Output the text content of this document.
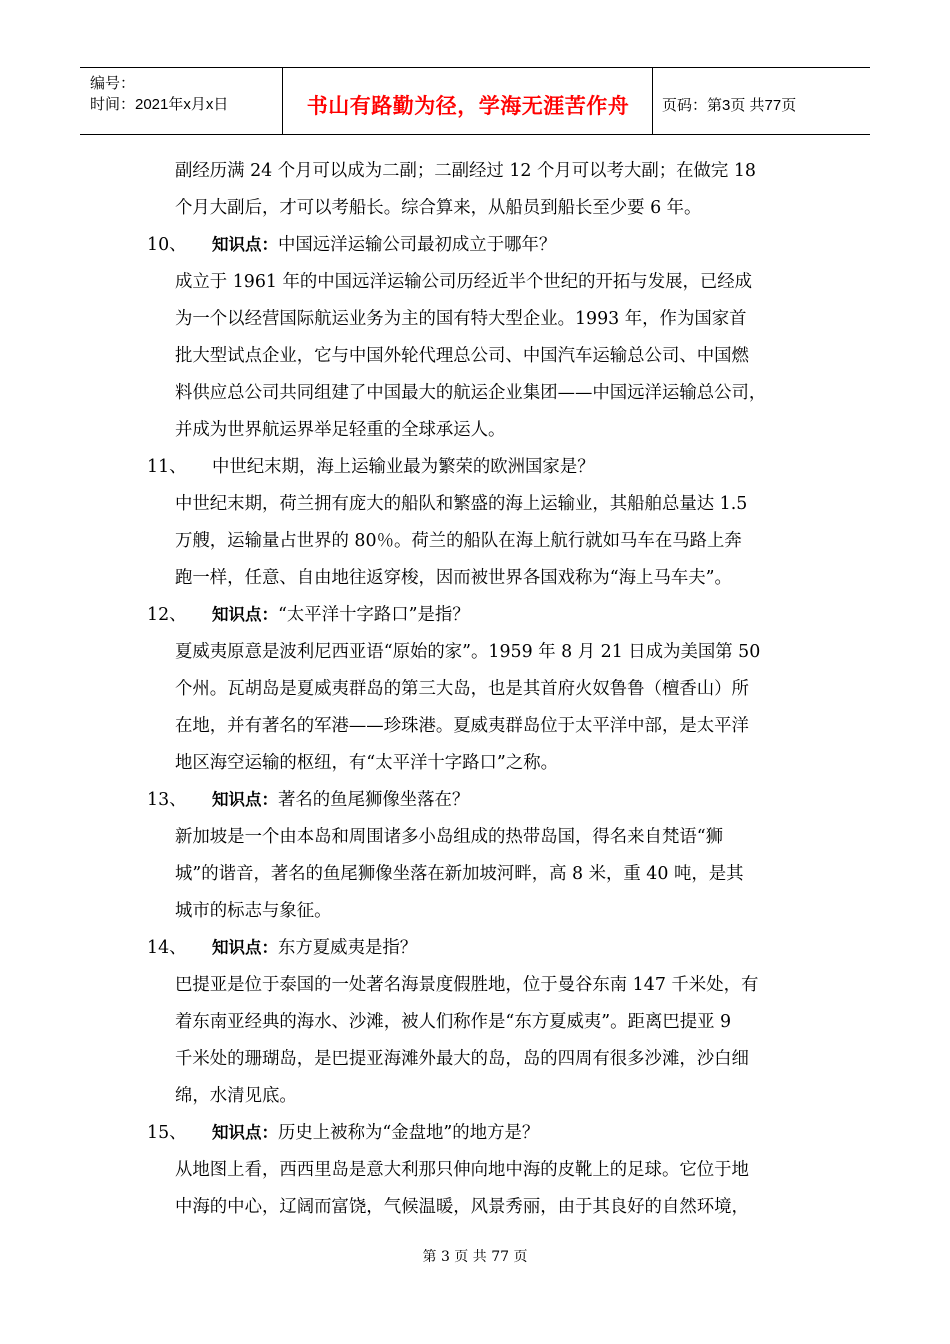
编号：
时间：2021年x月x日	书山有路勤为径，学海无涯苦作舟	页码：第3页 共77页
副经历满 24 个月可以成为二副；二副经过 12 个月可以考大副；在做完 18
个月大副后，才可以考船长。综合算来，从船员到船长至少要 6 年。
10、 知识点：中国远洋运输公司最初成立于哪年？
成立于 1961 年的中国远洋运输公司历经近半个世纪的开拓与发展，已经成
为一个以经营国际航运业务为主的国有特大型企业。1993 年，作为国家首
批大型试点企业，它与中国外轮代理总公司、中国汽车运输总公司、中国燃
料供应总公司共同组建了中国最大的航运企业集团——中国远洋运输总公司，
并成为世界航运界举足轻重的全球承运人。
11、 中世纪末期，海上运输业最为繁荣的欧洲国家是？
中世纪末期，荷兰拥有庞大的船队和繁盛的海上运输业，其船舶总量达 1.5
万艘，运输量占世界的 80％。荷兰的船队在海上航行就如马车在马路上奔
跑一样，任意、自由地往返穿梭，因而被世界各国戏称为“海上马车夫”。
12、 知识点：“太平洋十字路口”是指？
夏威夷原意是波利尼西亚语“原始的家”。1959 年 8 月 21 日成为美国第 50
个州。瓦胡岛是夏威夷群岛的第三大岛，也是其首府火奴鲁鲁（檀香山）所
在地，并有著名的军港——珍珠港。夏威夷群岛位于太平洋中部，是太平洋
地区海空运输的枢纽，有“太平洋十字路口”之称。
13、 知识点：著名的鱼尾狮像坐落在？
新加坡是一个由本岛和周围诸多小岛组成的热带岛国，得名来自梵语“狮
城”的谐音，著名的鱼尾狮像坐落在新加坡河畔，高 8 米，重 40 吨，是其
城市的标志与象征。
14、 知识点：东方夏威夷是指？
巴提亚是位于泰国的一处著名海景度假胜地，位于曼谷东南 147 千米处，有
着东南亚经典的海水、沙滩，被人们称作是“东方夏威夷”。距离巴提亚 9
千米处的珊瑚岛，是巴提亚海滩外最大的岛，岛的四周有很多沙滩，沙白细
绵，水清见底。
15、 知识点：历史上被称为“金盘地”的地方是？
从地图上看，西西里岛是意大利那只伸向地中海的皮靴上的足球。它位于地
中海的中心，辽阔而富饶，气候温暖，风景秀丽，由于其良好的自然环境，
第 3 页 共 77 页
